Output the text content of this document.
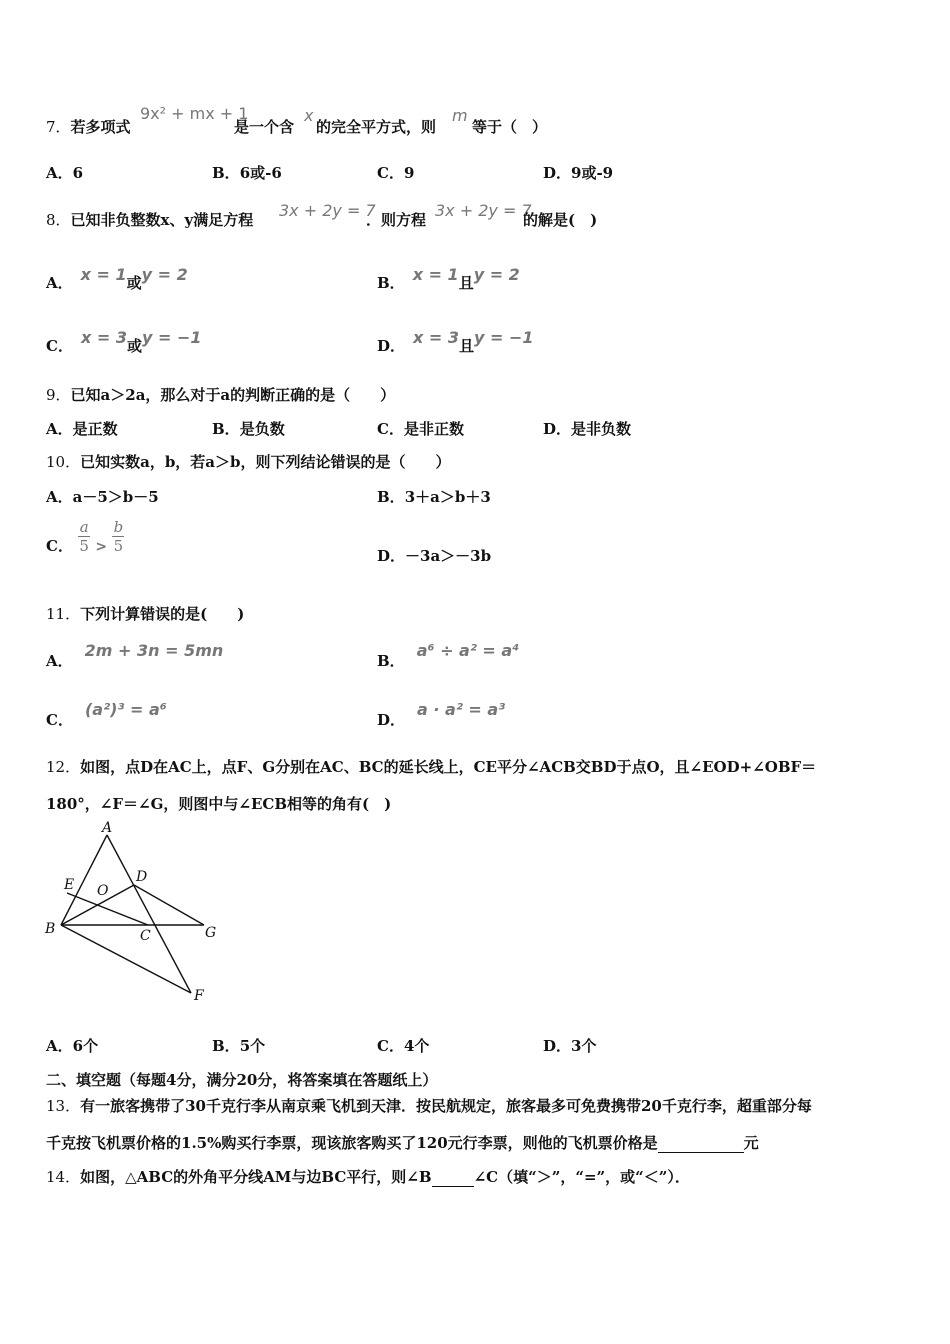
7．若多项式
9x² + mx + 1
是一个含
x
的完全平方式，则
m
等于（　）
A．6	B．6或-6	C．9	D．9或-9
8．已知非负整数x、y满足方程 3x + 2y = 7
．则方程 3x + 2y = 7
的解是(　)
A． x = 1或y = 2	B． x = 1且y = 2
C． x = 3或y = −1	D． x = 3且y = −1
9．已知a＞2a，那么对于a的判断正确的是（　　）
A．是正数	B．是负数	C．是非正数	D．是非负数
10．已知实数a，b，若a＞b，则下列结论错误的是（　　）
A．a－5＞b－5	B．3＋a＞b＋3
C． $\frac{a}{5} > \frac{b}{5}$
D．－3a＞－3b
11．下列计算错误的是(　　)
A．2m + 3n = 5mn
B．a⁶ ÷ a² = a⁴
C．(a²)³ = a⁶
D．a · a² = a³
12．如图，点D在AC上，点F、G分别在AC、BC的延长线上，CE平分∠ACB交BD于点O，且∠EOD+∠OBF＝
180°，∠F＝∠G，则图中与∠ECB相等的角有(　)
A
B	C
D
E
F
G
O
A．6个	B．5个	C．4个	D．3个
二、填空题（每题4分，满分20分，将答案填在答题纸上）
13．有一旅客携带了30千克行李从南京乘飞机到天津．按民航规定，旅客最多可免费携带20千克行李，超重部分每
千克按飞机票价格的1.5%购买行李票，现该旅客购买了120元行李票，则他的飞机票价格是	元
14．如图，△ABC的外角平分线AM与边BC平行，则∠B	∠C（填“＞”，“=”，或“＜”）．
